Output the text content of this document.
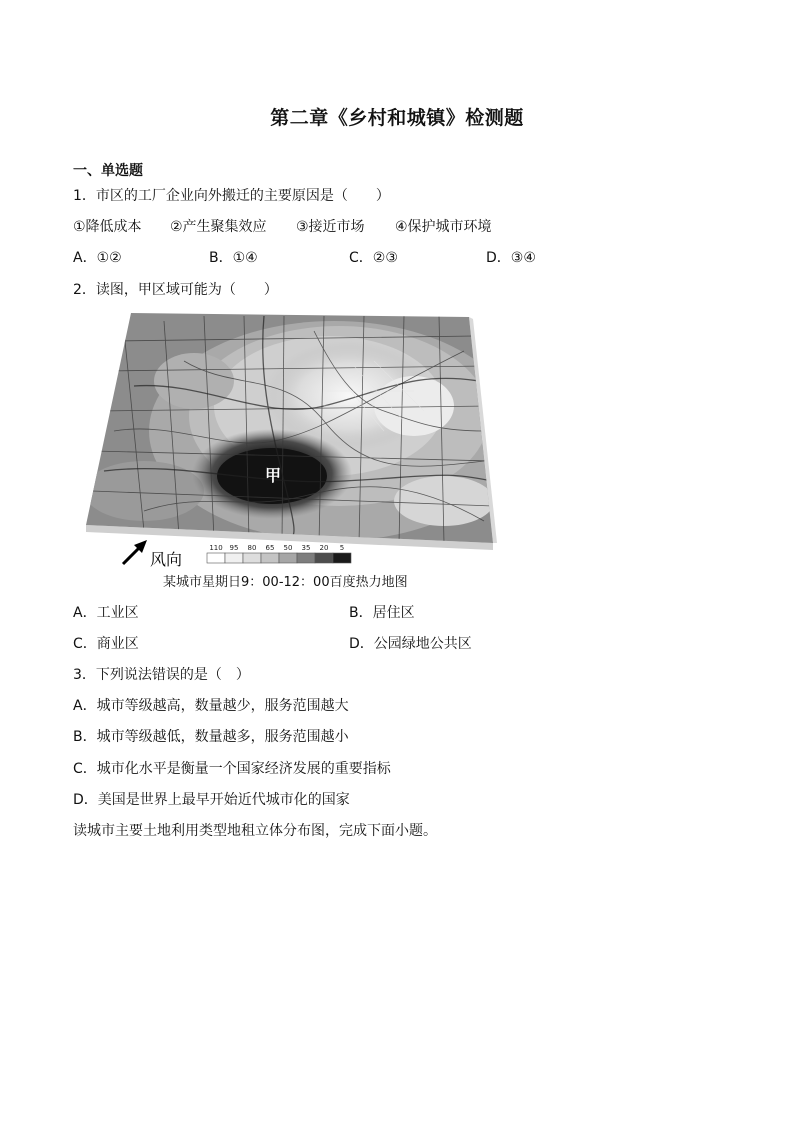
第二章《乡村和城镇》检测题
一、单选题
1．市区的工厂企业向外搬迁的主要原因是（　　）
①降低成本 ②产生聚集效应 ③接近市场 ④保护城市环境
A．①②	B．①④	C．②③	D．③④
2．读图，甲区域可能为（　　）
甲
风向
110 95 80 65 50 35 20 5
某城市星期日9：00-12：00百度热力地图
A．工业区	B．居住区
C．商业区	D．公园绿地公共区
3．下列说法错误的是（　）
A．城市等级越高，数量越少，服务范围越大
B．城市等级越低，数量越多，服务范围越小
C．城市化水平是衡量一个国家经济发展的重要指标
D．美国是世界上最早开始近代城市化的国家
读城市主要土地利用类型地租立体分布图，完成下面小题。
